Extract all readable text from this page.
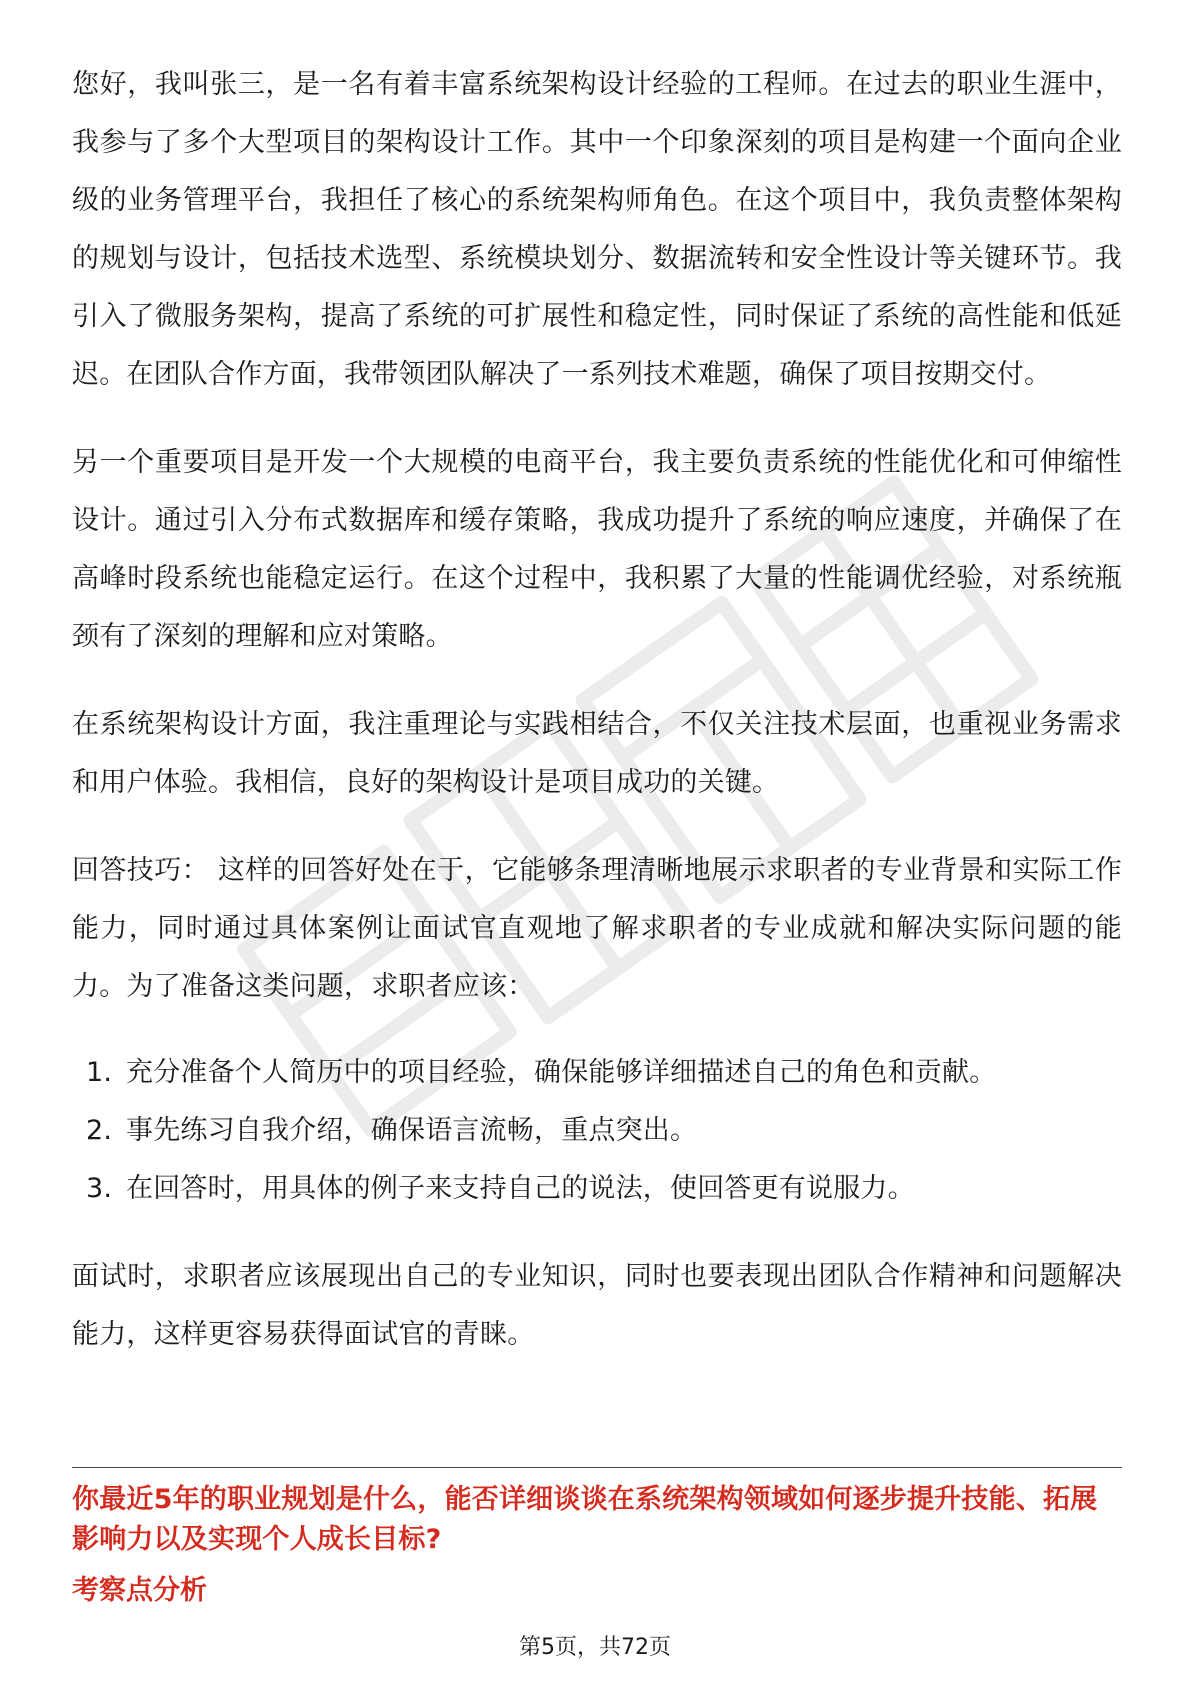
您好，我叫张三，是一名有着丰富系统架构设计经验的工程师。在过去的职业生涯中，我参与了多个大型项目的架构设计工作。其中一个印象深刻的项目是构建一个面向企业级的业务管理平台，我担任了核心的系统架构师角色。在这个项目中，我负责整体架构的规划与设计，包括技术选型、系统模块划分、数据流转和安全性设计等关键环节。我引入了微服务架构，提高了系统的可扩展性和稳定性，同时保证了系统的高性能和低延迟。在团队合作方面，我带领团队解决了一系列技术难题，确保了项目按期交付。

另一个重要项目是开发一个大规模的电商平台，我主要负责系统的性能优化和可伸缩性设计。通过引入分布式数据库和缓存策略，我成功提升了系统的响应速度，并确保了在高峰时段系统也能稳定运行。在这个过程中，我积累了大量的性能调优经验，对系统瓶颈有了深刻的理解和应对策略。

在系统架构设计方面，我注重理论与实践相结合，不仅关注技术层面，也重视业务需求和用户体验。我相信，良好的架构设计是项目成功的关键。

回答技巧： 这样的回答好处在于，它能够条理清晰地展示求职者的专业背景和实际工作能力，同时通过具体案例让面试官直观地了解求职者的专业成就和解决实际问题的能力。为了准备这类问题，求职者应该：

1. 充分准备个人简历中的项目经验，确保能够详细描述自己的角色和贡献。
2. 事先练习自我介绍，确保语言流畅，重点突出。
3. 在回答时，用具体的例子来支持自己的说法，使回答更有说服力。

面试时，求职者应该展现出自己的专业知识，同时也要表现出团队合作精神和问题解决能力，这样更容易获得面试官的青睐。

你最近5年的职业规划是什么，能否详细谈谈在系统架构领域如何逐步提升技能、拓展影响力以及实现个人成长目标?
考察点分析
第5页，共72页
